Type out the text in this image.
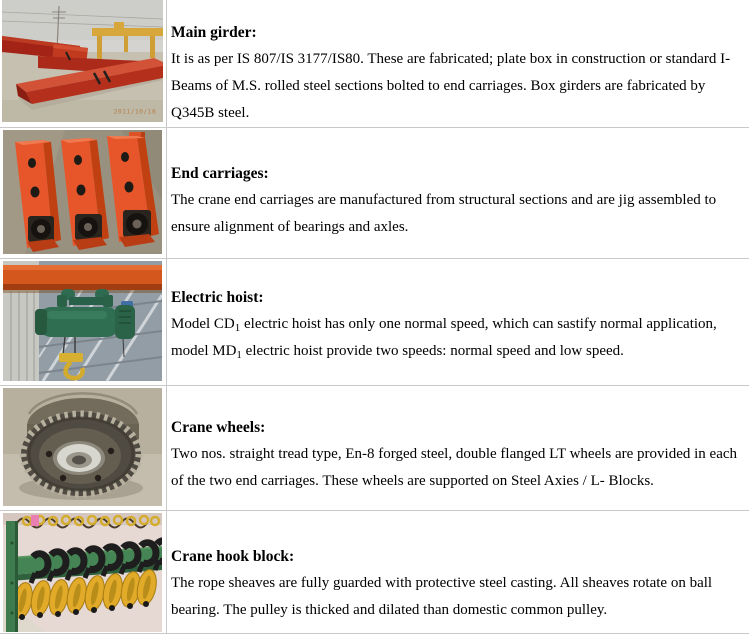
2011/10/18
Main girder:

It is as per IS 807/IS 3177/IS80. These are fabricated; plate box in construction or standard I-Beams of M.S. rolled steel sections bolted to end carriages. Box girders are fabricated by Q345B steel.

End carriages:

The crane end carriages are manufactured from structural sections and are jig assembled to ensure alignment of bearings and axles.

Electric hoist:

Model $CD_1$ electric hoist has only one normal speed, which can sastify normal application, model $MD_1$ electric hoist provide two speeds: normal speed and low speed.

Crane wheels:

Two nos. straight tread type, En-8 forged steel, double flanged LT wheels are provided in each of the two end carriages. These wheels are supported on Steel Axies / L- Blocks.

Crane hook block:

The rope sheaves are fully guarded with protective steel casting. All sheaves rotate on ball bearing. The pulley is thicked and dilated than domestic common pulley.
